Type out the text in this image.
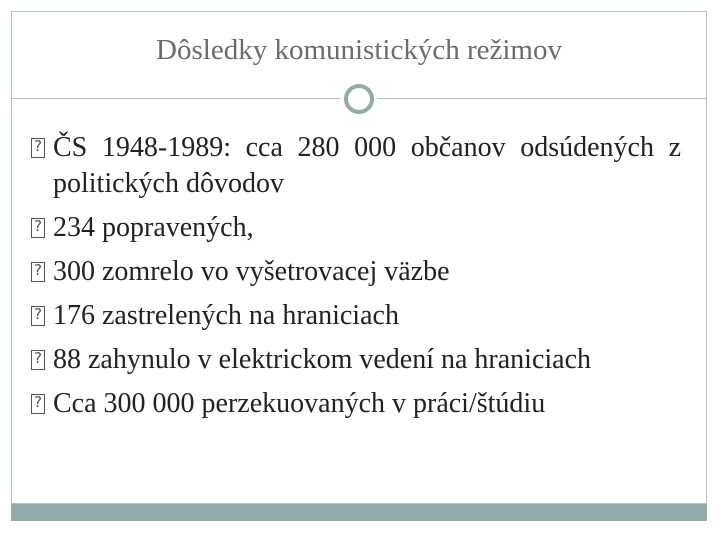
Dôsledky komunistických režimov
?
ČS 1948-1989: cca 280 000 občanov odsúdených z politických dôvodov
?
234 popravených,
?
300 zomrelo vo vyšetrovacej väzbe
?
176 zastrelených na hraniciach
?
88 zahynulo v elektrickom vedení na hraniciach
?
Cca 300 000 perzekuovaných v práci/štúdiu
